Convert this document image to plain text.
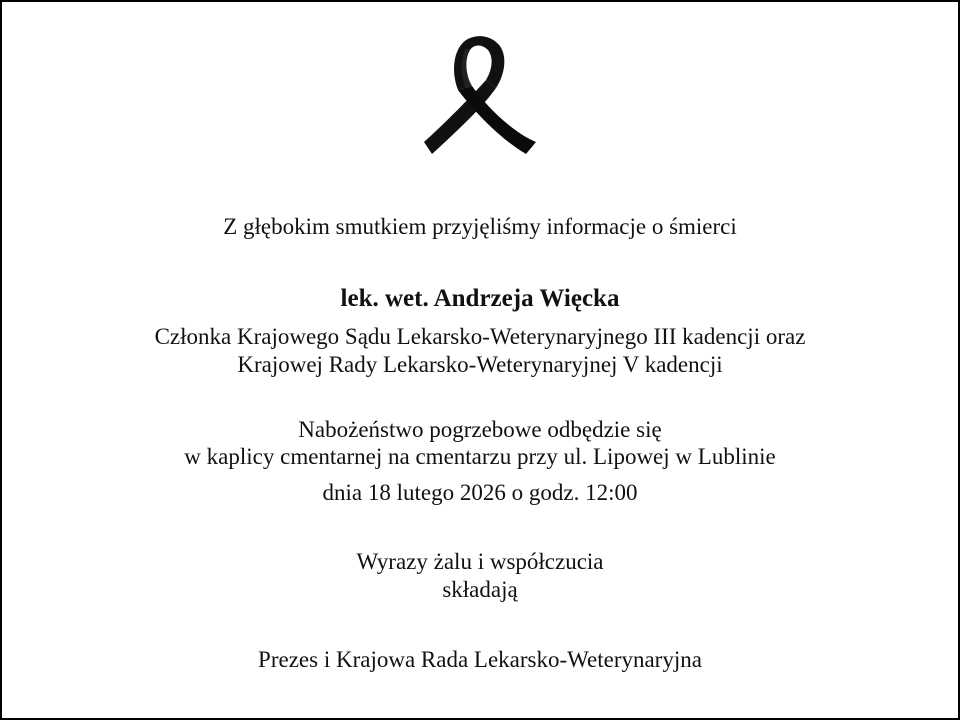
Z głębokim smutkiem przyjęliśmy informacje o śmierci
lek. wet. Andrzeja Więcka
Członka Krajowego Sądu Lekarsko-Weterynaryjnego III kadencji oraz
Krajowej Rady Lekarsko-Weterynaryjnej V kadencji
Nabożeństwo pogrzebowe odbędzie się
w kaplicy cmentarnej na cmentarzu przy ul. Lipowej w Lublinie
dnia 18 lutego 2026 o godz. 12:00
Wyrazy żalu i współczucia
składają
Prezes i Krajowa Rada Lekarsko-Weterynaryjna
